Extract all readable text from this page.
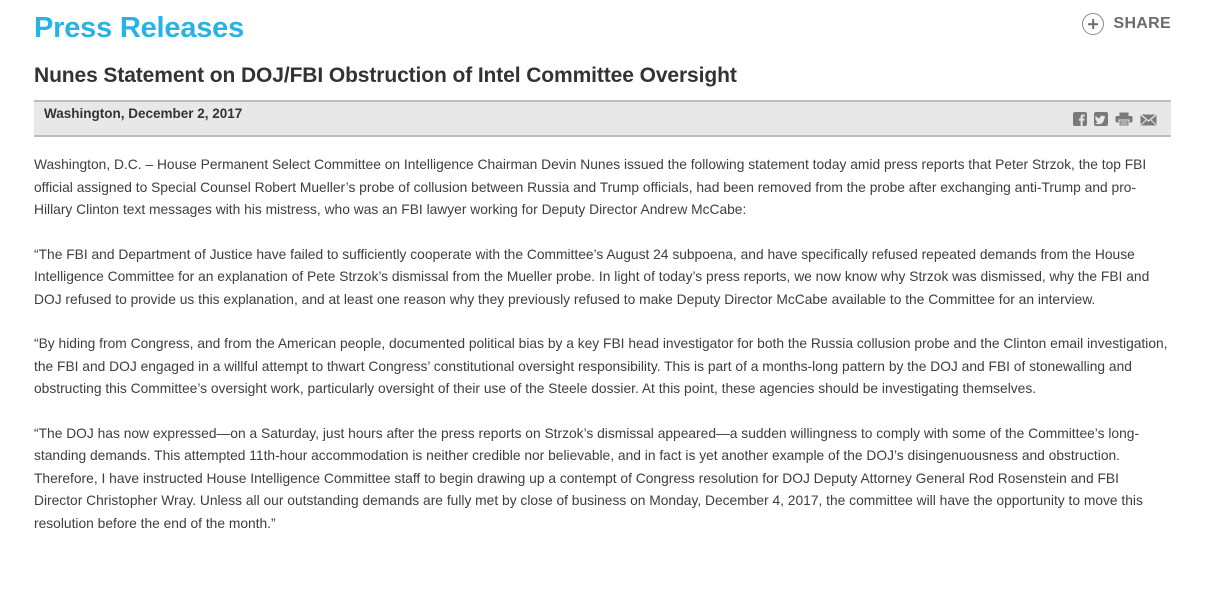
Press Releases	SHARE
Nunes Statement on DOJ/FBI Obstruction of Intel Committee Oversight
Washington, December 2, 2017

Washington, D.C. – House Permanent Select Committee on Intelligence Chairman Devin Nunes issued the following statement today amid press reports that Peter Strzok, the top FBI official assigned to Special Counsel Robert Mueller’s probe of collusion between Russia and Trump officials, had been removed from the probe after exchanging anti-Trump and pro-Hillary Clinton text messages with his mistress, who was an FBI lawyer working for Deputy Director Andrew McCabe:

“The FBI and Department of Justice have failed to sufficiently cooperate with the Committee’s August 24 subpoena, and have specifically refused repeated demands from the House Intelligence Committee for an explanation of Pete Strzok’s dismissal from the Mueller probe. In light of today’s press reports, we now know why Strzok was dismissed, why the FBI and DOJ refused to provide us this explanation, and at least one reason why they previously refused to make Deputy Director McCabe available to the Committee for an interview.

“By hiding from Congress, and from the American people, documented political bias by a key FBI head investigator for both the Russia collusion probe and the Clinton email investigation, the FBI and DOJ engaged in a willful attempt to thwart Congress’ constitutional oversight responsibility. This is part of a months-long pattern by the DOJ and FBI of stonewalling and obstructing this Committee’s oversight work, particularly oversight of their use of the Steele dossier. At this point, these agencies should be investigating themselves.

“The DOJ has now expressed—on a Saturday, just hours after the press reports on Strzok’s dismissal appeared—a sudden willingness to comply with some of the Committee’s long-standing demands. This attempted 11th-hour accommodation is neither credible nor believable, and in fact is yet another example of the DOJ’s disingenuousness and obstruction. Therefore, I have instructed House Intelligence Committee staff to begin drawing up a contempt of Congress resolution for DOJ Deputy Attorney General Rod Rosenstein and FBI Director Christopher Wray. Unless all our outstanding demands are fully met by close of business on Monday, December 4, 2017, the committee will have the opportunity to move this resolution before the end of the month.”
